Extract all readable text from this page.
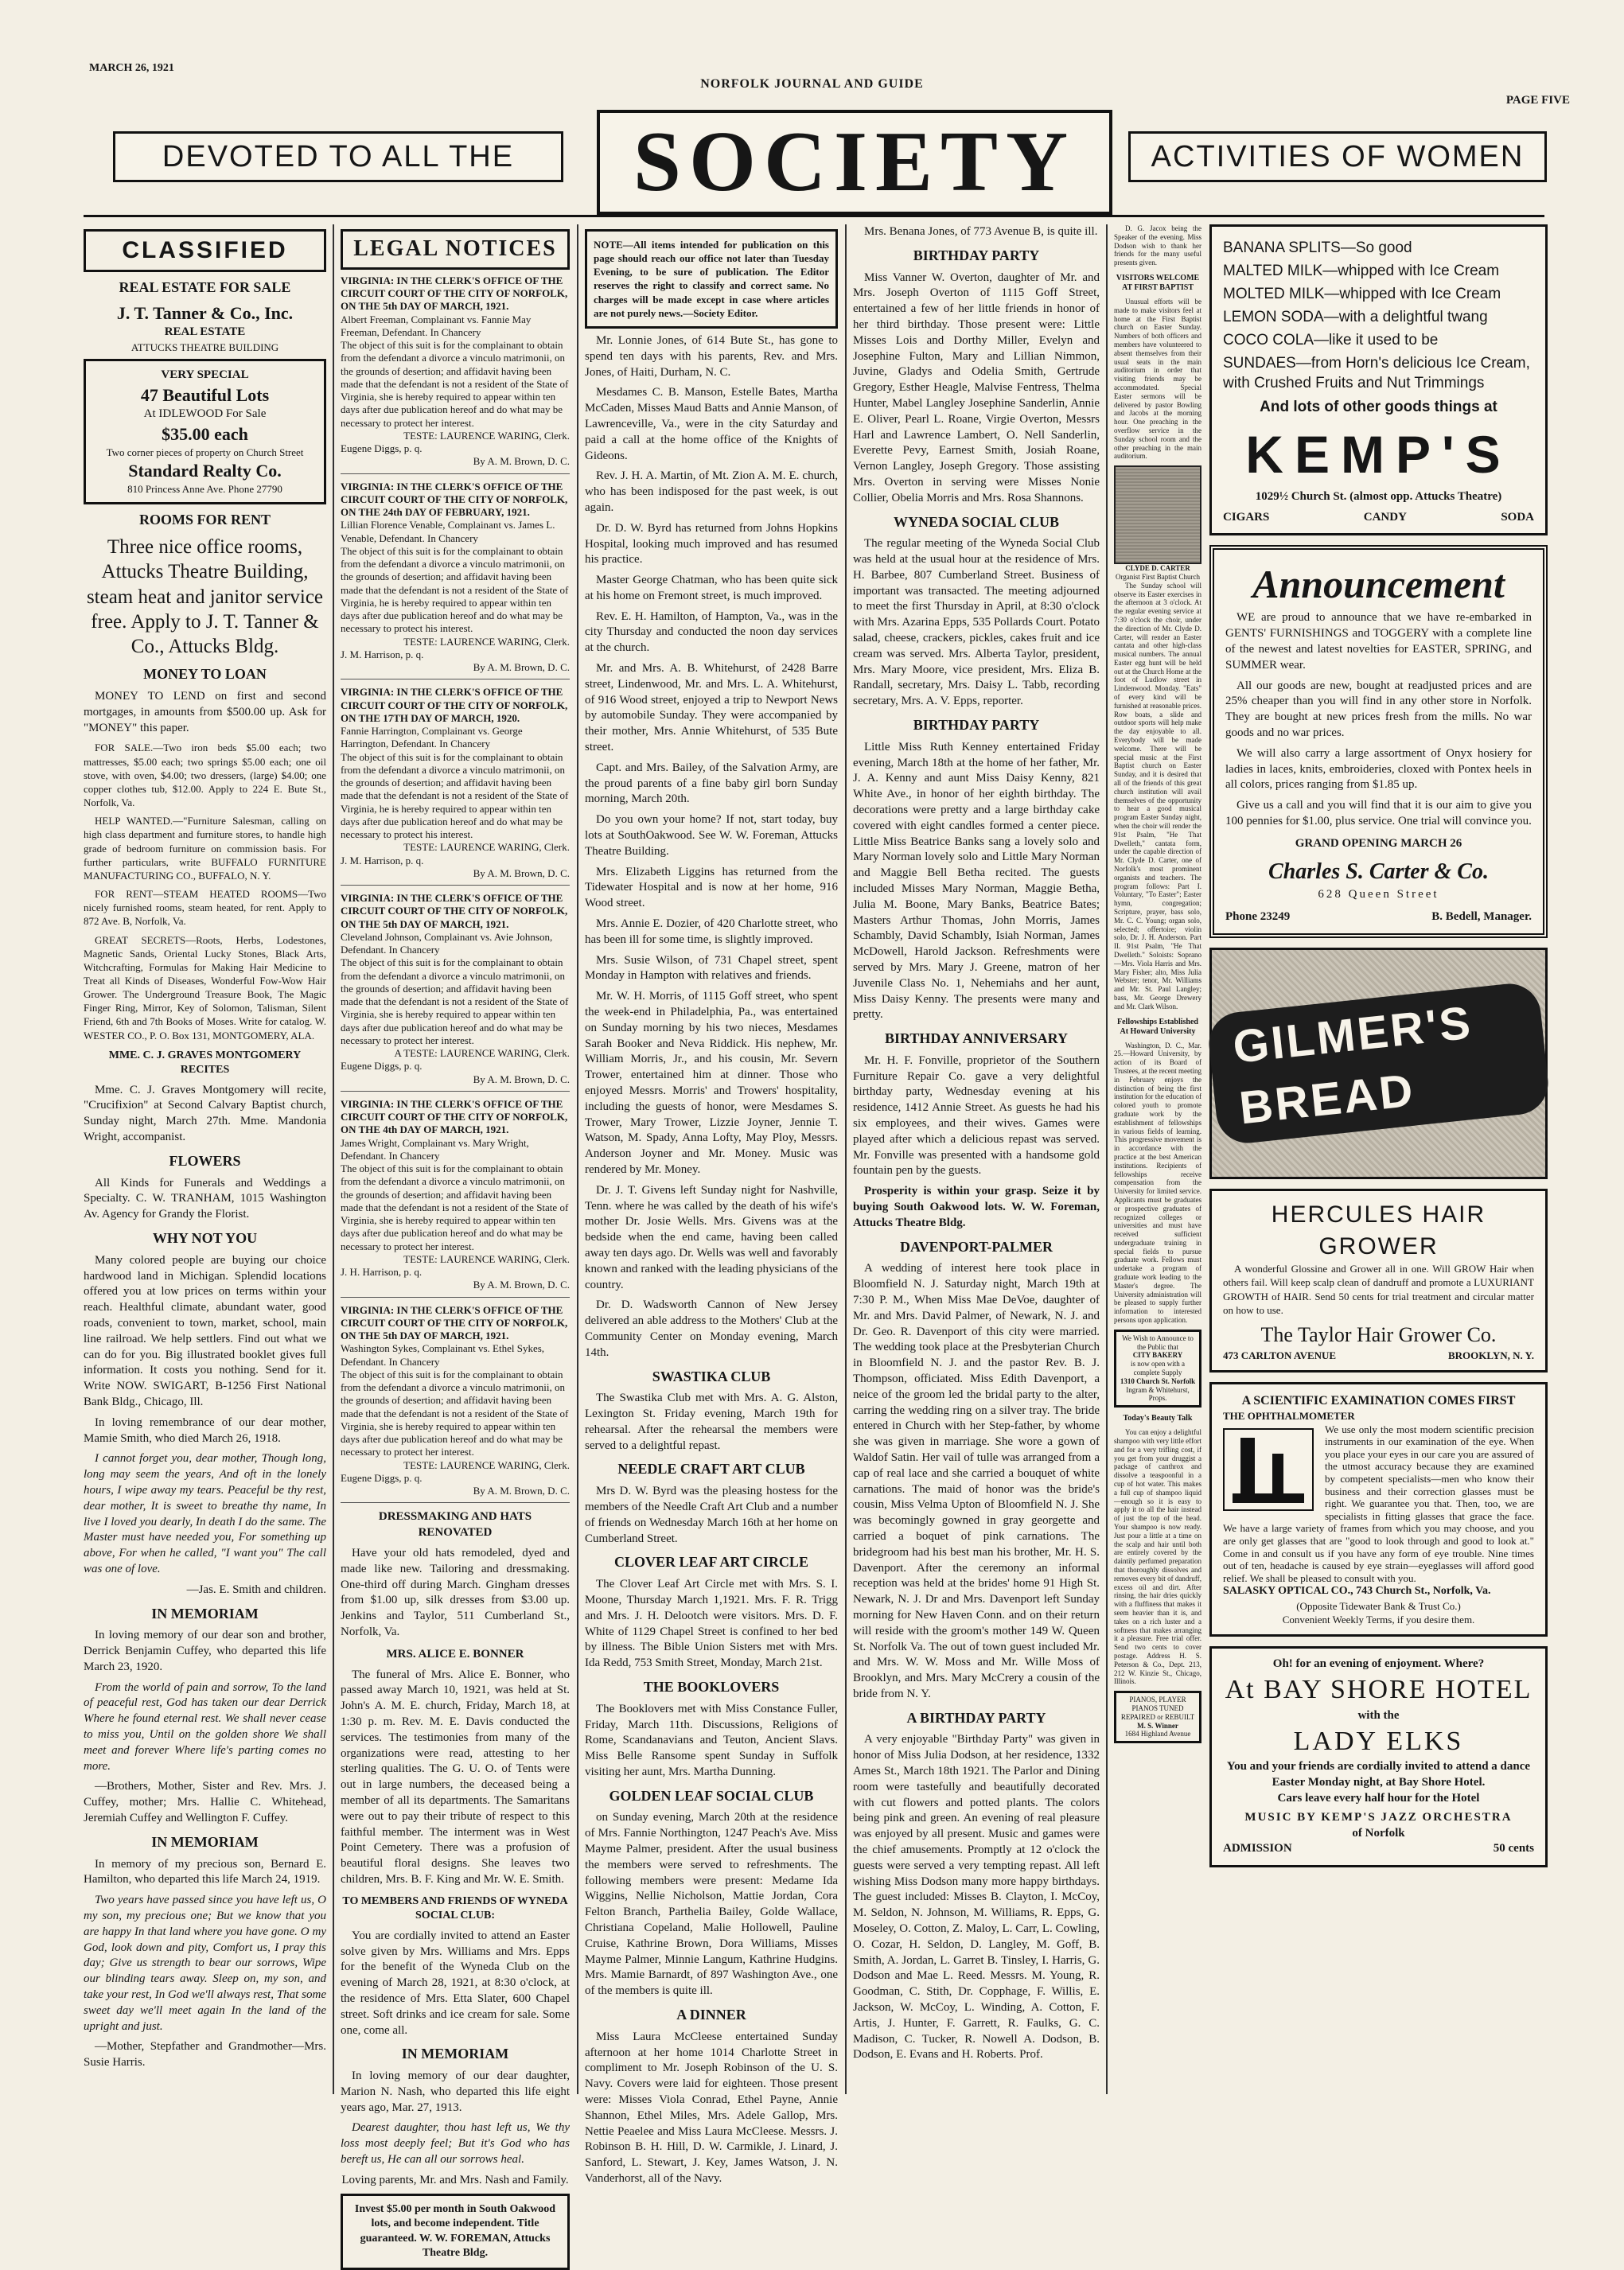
MARCH 26, 1921
NORFOLK JOURNAL AND GUIDE
PAGE FIVE
DEVOTED TO ALL THE SOCIETY ACTIVITIES OF WOMEN
CLASSIFIED
REAL ESTATE FOR SALE
J. T. Tanner & Co., Inc.
REAL ESTATE
ATTUCKS THEATRE BUILDING
VERY SPECIAL
47 Beautiful Lots
At IDLEWOOD For Sale
$35.00 each
Two corner pieces of property on Church Street
Standard Realty Co.
810 Princess Anne Ave. Phone 27790
ROOMS FOR RENT
Three nice office rooms, Attucks Theatre Building, steam heat and janitor service free. Apply to J. T. Tanner & Co., Attucks Bldg.
MONEY TO LOAN

MONEY TO LEND on first and second mortgages, in amounts from $500.00 up. Ask for "MONEY" this paper.

FOR SALE.—Two iron beds $5.00 each; two mattresses, $5.00 each; two springs $5.00 each; one oil stove, with oven, $4.00; two dressers, (large) $4.00; one copper clothes tub, $12.00. Apply to 224 E. Bute St., Norfolk, Va.

HELP WANTED.—"Furniture Salesman, calling on high class department and furniture stores, to handle high grade of bedroom furniture on commission basis. For further particulars, write BUFFALO FURNITURE MANUFACTURING CO., BUFFALO, N. Y.

FOR RENT—STEAM HEATED ROOMS—Two nicely furnished rooms, steam heated, for rent. Apply to 872 Ave. B, Norfolk, Va.

GREAT SECRETS—Roots, Herbs, Lodestones, Magnetic Sands, Oriental Lucky Stones, Black Arts, Witchcrafting, Formulas for Making Hair Medicine to Treat all Kinds of Diseases, Wonderful Fow-Wow Hair Grower. The Underground Treasure Book, The Magic Finger Ring, Mirror, Key of Solomon, Talisman, Silent Friend, 6th and 7th Books of Moses. Write for catalog. W. WESTER CO., P. O. Box 131, MONTGOMERY, ALA.

MME. C. J. GRAVES MONTGOMERY RECITES

Mme. C. J. Graves Montgomery will recite, "Crucifixion" at Second Calvary Baptist church, Sunday night, March 27th. Mme. Mandonia Wright, accompanist.

FLOWERS

All Kinds for Funerals and Weddings a Specialty. C. W. TRANHAM, 1015 Washington Av. Agency for Grandy the Florist.

WHY NOT YOU

Many colored people are buying our choice hardwood land in Michigan. Splendid locations offered you at low prices on terms within your reach. Healthful climate, abundant water, good roads, convenient to town, market, school, main line railroad. We help settlers. Find out what we can do for you. Big illustrated booklet gives full information. It costs you nothing. Send for it. Write NOW. SWIGART, B-1256 First National Bank Bldg., Chicago, Ill.

In loving remembrance of our dear mother, Mamie Smith, who died March 26, 1918.

I cannot forget you, dear mother, Though long, long may seem the years, And oft in the lonely hours, I wipe away my tears. Peaceful be thy rest, dear mother, It is sweet to breathe thy name, In live I loved you dearly, In death I do the same. The Master must have needed you, For something up above, For when he called, "I want you" The call was one of love.

—Jas. E. Smith and children.
IN MEMORIAM

In loving memory of our dear son and brother, Derrick Benjamin Cuffey, who departed this life March 23, 1920.

From the world of pain and sorrow, To the land of peaceful rest, God has taken our dear Derrick Where he found eternal rest. We shall never cease to miss you, Until on the golden shore We shall meet and forever Where life's parting comes no more.

—Brothers, Mother, Sister and Rev. Mrs. J. Cuffey, mother; Mrs. Hallie C. Whitehead, Jeremiah Cuffey and Wellington F. Cuffey.

IN MEMORIAM

In memory of my precious son, Bernard E. Hamilton, who departed this life March 24, 1919.

Two years have passed since you have left us, O my son, my precious one; But we know that you are happy In that land where you have gone. O my God, look down and pity, Comfort us, I pray this day; Give us strength to bear our sorrows, Wipe our blinding tears away. Sleep on, my son, and take your rest, In God we'll always rest, That some sweet day we'll meet again In the land of the upright and just.

—Mother, Stepfather and Grandmother—Mrs. Susie Harris.

LEGAL NOTICES
VIRGINIA: IN THE CLERK'S OFFICE OF THE CIRCUIT COURT OF THE CITY OF NORFOLK, ON THE 5th DAY OF MARCH, 1921.
Albert Freeman, Complainant vs. Fannie May Freeman, Defendant. In Chancery
The object of this suit is for the complainant to obtain from the defendant a divorce a vinculo matrimonii, on the grounds of desertion; and affidavit having been made that the defendant is not a resident of the State of Virginia, she is hereby required to appear within ten days after due publication hereof and do what may be necessary to protect her interest.
TESTE: LAURENCE WARING, Clerk.
Eugene Diggs, p. q.
By A. M. Brown, D. C.
VIRGINIA: IN THE CLERK'S OFFICE OF THE CIRCUIT COURT OF THE CITY OF NORFOLK, ON THE 24th DAY OF FEBRUARY, 1921.
Lillian Florence Venable, Complainant vs. James L. Venable, Defendant. In Chancery
The object of this suit is for the complainant to obtain from the defendant a divorce a vinculo matrimonii, on the grounds of desertion; and affidavit having been made that the defendant is not a resident of the State of Virginia, he is hereby required to appear within ten days after due publication hereof and do what may be necessary to protect his interest.
TESTE: LAURENCE WARING, Clerk.
J. M. Harrison, p. q.
By A. M. Brown, D. C.
VIRGINIA: IN THE CLERK'S OFFICE OF THE CIRCUIT COURT OF THE CITY OF NORFOLK, ON THE 17TH DAY OF MARCH, 1920.
Fannie Harrington, Complainant vs. George Harrington, Defendant. In Chancery
The object of this suit is for the complainant to obtain from the defendant a divorce a vinculo matrimonii, on the grounds of desertion; and affidavit having been made that the defendant is not a resident of the State of Virginia, he is hereby required to appear within ten days after due publication hereof and do what may be necessary to protect his interest.
TESTE: LAURENCE WARING, Clerk.
J. M. Harrison, p. q.
By A. M. Brown, D. C.
VIRGINIA: IN THE CLERK'S OFFICE OF THE CIRCUIT COURT OF THE CITY OF NORFOLK, ON THE 5th DAY OF MARCH, 1921.
Cleveland Johnson, Complainant vs. Avie Johnson, Defendant. In Chancery
The object of this suit is for the complainant to obtain from the defendant a divorce a vinculo matrimonii, on the grounds of desertion; and affidavit having been made that the defendant is not a resident of the State of Virginia, she is hereby required to appear within ten days after due publication hereof and do what may be necessary to protect her interest.
A TESTE: LAURENCE WARING, Clerk.
Eugene Diggs, p. q.
By A. M. Brown, D. C.
VIRGINIA: IN THE CLERK'S OFFICE OF THE CIRCUIT COURT OF THE CITY OF NORFOLK, ON THE 4th DAY OF MARCH, 1921.
James Wright, Complainant vs. Mary Wright, Defendant. In Chancery
The object of this suit is for the complainant to obtain from the defendant a divorce a vinculo matrimonii, on the grounds of desertion; and affidavit having been made that the defendant is not a resident of the State of Virginia, she is hereby required to appear within ten days after due publication hereof and do what may be necessary to protect her interest.
TESTE: LAURENCE WARING, Clerk.
J. H. Harrison, p. q.
By A. M. Brown, D. C.
VIRGINIA: IN THE CLERK'S OFFICE OF THE CIRCUIT COURT OF THE CITY OF NORFOLK, ON THE 5th DAY OF MARCH, 1921.
Washington Sykes, Complainant vs. Ethel Sykes, Defendant. In Chancery
The object of this suit is for the complainant to obtain from the defendant a divorce a vinculo matrimonii, on the grounds of desertion; and affidavit having been made that the defendant is not a resident of the State of Virginia, she is hereby required to appear within ten days after due publication hereof and do what may be necessary to protect her interest.
TESTE: LAURENCE WARING, Clerk.
Eugene Diggs, p. q.
By A. M. Brown, D. C.
DRESSMAKING AND HATS RENOVATED

Have your old hats remodeled, dyed and made like new. Tailoring and dressmaking. One-third off during March. Gingham dresses from $1.00 up, silk dresses from $3.00 up. Jenkins and Taylor, 511 Cumberland St., Norfolk, Va.

MRS. ALICE E. BONNER

The funeral of Mrs. Alice E. Bonner, who passed away March 10, 1921, was held at St. John's A. M. E. church, Friday, March 18, at 1:30 p. m. Rev. M. E. Davis conducted the services. The testimonies from many of the organizations were read, attesting to her sterling qualities. The G. U. O. of Tents were out in large numbers, the deceased being a member of all its departments. The Samaritans were out to pay their tribute of respect to this faithful member. The interment was in West Point Cemetery. There was a profusion of beautiful floral designs. She leaves two children, Mrs. B. F. King and Mr. W. E. Smith.

TO MEMBERS AND FRIENDS OF WYNEDA SOCIAL CLUB:

You are cordially invited to attend an Easter solve given by Mrs. Williams and Mrs. Epps for the benefit of the Wyneda Club on the evening of March 28, 1921, at 8:30 o'clock, at the residence of Mrs. Etta Slater, 600 Chapel street. Soft drinks and ice cream for sale. Some one, come all.

IN MEMORIAM

In loving memory of our dear daughter, Marion N. Nash, who departed this life eight years ago, Mar. 27, 1913.

Dearest daughter, thou hast left us, We thy loss most deeply feel; But it's God who has bereft us, He can all our sorrows heal.

Loving parents, Mr. and Mrs. Nash and Family.
Invest $5.00 per month in South Oakwood lots, and become independent. Title guaranteed. W. W. FOREMAN, Attucks Theatre Bldg.
NOTE—All items intended for publication on this page should reach our office not later than Tuesday Evening, to be sure of publication. The Editor reserves the right to classify and correct same. No charges will be made except in case where articles are not purely news.—Society Editor.

Mr. Lonnie Jones, of 614 Bute St., has gone to spend ten days with his parents, Rev. and Mrs. Jones, of Haiti, Durham, N. C.

Mesdames C. B. Manson, Estelle Bates, Martha McCaden, Misses Maud Batts and Annie Manson, of Lawrenceville, Va., were in the city Saturday and paid a call at the home office of the Knights of Gideons.

Rev. J. H. A. Martin, of Mt. Zion A. M. E. church, who has been indisposed for the past week, is out again.

Dr. D. W. Byrd has returned from Johns Hopkins Hospital, looking much improved and has resumed his practice.

Master George Chatman, who has been quite sick at his home on Fremont street, is much improved.

Rev. E. H. Hamilton, of Hampton, Va., was in the city Thursday and conducted the noon day services at the church.

Mr. and Mrs. A. B. Whitehurst, of 2428 Barre street, Lindenwood, Mr. and Mrs. L. A. Whitehurst, of 916 Wood street, enjoyed a trip to Newport News by automobile Sunday. They were accompanied by their mother, Mrs. Annie Whitehurst, of 535 Bute street.

Capt. and Mrs. Bailey, of the Salvation Army, are the proud parents of a fine baby girl born Sunday morning, March 20th.

Do you own your home? If not, start today, buy lots at SouthOakwood. See W. W. Foreman, Attucks Theatre Building.

Mrs. Elizabeth Liggins has returned from the Tidewater Hospital and is now at her home, 916 Wood street.

Mrs. Annie E. Dozier, of 420 Charlotte street, who has been ill for some time, is slightly improved.

Mrs. Susie Wilson, of 731 Chapel street, spent Monday in Hampton with relatives and friends.

Mr. W. H. Morris, of 1115 Goff street, who spent the week-end in Philadelphia, Pa., was entertained on Sunday morning by his two nieces, Mesdames Sarah Booker and Neva Riddick. His nephew, Mr. William Morris, Jr., and his cousin, Mr. Severn Trower, entertained him at dinner. Those who enjoyed Messrs. Morris' and Trowers' hospitality, including the guests of honor, were Mesdames S. Trower, Mary Trower, Lizzie Joyner, Jennie T. Watson, M. Spady, Anna Lofty, May Ploy, Messrs. Anderson Joyner and Mr. Money. Music was rendered by Mr. Money.

Dr. J. T. Givens left Sunday night for Nashville, Tenn. where he was called by the death of his wife's mother Dr. Josie Wells. Mrs. Givens was at the bedside when the end came, having been called away ten days ago. Dr. Wells was well and favorably known and ranked with the leading physicians of the country.

Dr. D. Wadsworth Cannon of New Jersey delivered an able address to the Mothers' Club at the Community Center on Monday evening, March 14th.

SWASTIKA CLUB

The Swastika Club met with Mrs. A. G. Alston, Lexington St. Friday evening, March 19th for rehearsal. After the rehearsal the members were served to a delightful repast.

NEEDLE CRAFT ART CLUB

Mrs D. W. Byrd was the pleasing hostess for the members of the Needle Craft Art Club and a number of friends on Wednesday March 16th at her home on Cumberland Street.

CLOVER LEAF ART CIRCLE

The Clover Leaf Art Circle met with Mrs. S. I. Moone, Thursday March 1,1921. Mrs. F. R. Trigg and Mrs. J. H. Delootch were visitors. Mrs. D. F. White of 1129 Chapel Street is confined to her bed by illness. The Bible Union Sisters met with Mrs. Ida Redd, 753 Smith Street, Monday, March 21st.

THE BOOKLOVERS

The Booklovers met with Miss Constance Fuller, Friday, March 11th. Discussions, Religions of Rome, Scandanavians and Teuton, Ancient Slavs. Miss Belle Ransome spent Sunday in Suffolk visiting her aunt, Mrs. Martha Dunning.

GOLDEN LEAF SOCIAL CLUB

on Sunday evening, March 20th at the residence of Mrs. Fannie Northington, 1247 Peach's Ave. Miss Mayme Palmer, president. After the usual business the members were served to refreshments. The following members were present: Medame Ida Wiggins, Nellie Nicholson, Mattie Jordan, Cora Felton Branch, Parthelia Bailey, Golde Wallace, Christiana Copeland, Malie Hollowell, Pauline Cruise, Kathrine Brown, Dora Williams, Misses Mayme Palmer, Minnie Langum, Kathrine Hudgins. Mrs. Mamie Barnardt, of 897 Washington Ave., one of the members is quite ill.

A DINNER

Miss Laura McCleese entertained Sunday afternoon at her home 1014 Charlotte Street in compliment to Mr. Joseph Robinson of the U. S. Navy. Covers were laid for eighteen. Those present were: Misses Viola Conrad, Ethel Payne, Annie Shannon, Ethel Miles, Mrs. Adele Gallop, Mrs. Nettie Peaelee and Miss Laura McCleese. Messrs. J. Robinson B. H. Hill, D. W. Carmikle, J. Linard, J. Sanford, L. Stewart, J. Key, James Watson, J. N. Vanderhorst, all of the Navy.

Mrs. Benana Jones, of 773 Avenue B, is quite ill.

BIRTHDAY PARTY

Miss Vanner W. Overton, daughter of Mr. and Mrs. Joseph Overton of 1115 Goff Street, entertained a few of her little friends in honor of her third birthday. Those present were: Little Misses Lois and Dorthy Miller, Evelyn and Josephine Fulton, Mary and Lillian Nimmon, Juvine, Gladys and Odelia Smith, Gertrude Gregory, Esther Heagle, Malvise Fentress, Thelma Hunter, Mabel Langley Josephine Sanderlin, Annie E. Oliver, Pearl L. Roane, Virgie Overton, Messrs Harl and Lawrence Lambert, O. Nell Sanderlin, Everette Pevy, Earnest Smith, Josiah Roane, Vernon Langley, Joseph Gregory. Those assisting Mrs. Overton in serving were Misses Nonie Collier, Obelia Morris and Mrs. Rosa Shannons.

WYNEDA SOCIAL CLUB

The regular meeting of the Wyneda Social Club was held at the usual hour at the residence of Mrs. H. Barbee, 807 Cumberland Street. Business of important was transacted. The meeting adjourned to meet the first Thursday in April, at 8:30 o'clock with Mrs. Azarina Epps, 535 Pollards Court. Potato salad, cheese, crackers, pickles, cakes fruit and ice cream was served. Mrs. Alberta Taylor, president, Mrs. Mary Moore, vice president, Mrs. Eliza B. Randall, secretary, Mrs. Daisy L. Tabb, recording secretary, Mrs. A. V. Epps, reporter.

BIRTHDAY PARTY

Little Miss Ruth Kenney entertained Friday evening, March 18th at the home of her father, Mr. J. A. Kenny and aunt Miss Daisy Kenny, 821 White Ave., in honor of her eighth birthday. The decorations were pretty and a large birthday cake covered with eight candles formed a center piece. Little Miss Beatrice Banks sang a lovely solo and Mary Norman lovely solo and Little Mary Norman and Maggie Bell Betha recited. The guests included Misses Mary Norman, Maggie Betha, Julia M. Boone, Mary Banks, Beatrice Bates; Masters Arthur Thomas, John Morris, James Schambly, David Schambly, Isiah Norman, James McDowell, Harold Jackson. Refreshments were served by Mrs. Mary J. Greene, matron of her Juvenile Class No. 1, Nehemiahs and her aunt, Miss Daisy Kenny. The presents were many and pretty.

BIRTHDAY ANNIVERSARY

Mr. H. F. Fonville, proprietor of the Southern Furniture Repair Co. gave a very delightful birthday party, Wednesday evening at his residence, 1412 Annie Street. As guests he had his six employees, and their wives. Games were played after which a delicious repast was served. Mr. Fonville was presented with a handsome gold fountain pen by the guests.

Prosperity is within your grasp. Seize it by buying South Oakwood lots. W. W. Foreman, Attucks Theatre Bldg.

DAVENPORT-PALMER

A wedding of interest here took place in Bloomfield N. J. Saturday night, March 19th at 7:30 P. M., When Miss Mae DeVoe, daughter of Mr. and Mrs. David Palmer, of Newark, N. J. and Dr. Geo. R. Davenport of this city were married. The wedding took place at the Presbyterian Church in Bloomfield N. J. and the pastor Rev. B. J. Thompson, officiated. Miss Edith Davenport, a neice of the groom led the bridal party to the alter, carring the wedding ring on a silver tray. The bride entered in Church with her Step-father, by whome she was given in marriage. She wore a gown of Waldof Satin. Her vail of tulle was arranged from a cap of real lace and she carried a bouquet of white carnations. The maid of honor was the bride's cousin, Miss Velma Upton of Bloomfield N. J. She was becomingly gowned in gray georgette and carried a boquet of pink carnations. The bridegroom had his best man his brother, Mr. H. S. Davenport. After the ceremony an informal reception was held at the brides' home 91 High St. Newark, N. J. Dr and Mrs. Davenport left Sunday morning for New Haven Conn. and on their return will reside with the groom's mother 149 W. Queen St. Norfolk Va. The out of town guest included Mr. and Mrs. W. W. Moss and Mr. Wille Moss of Brooklyn, and Mrs. Mary McCrery a cousin of the bride from N. Y.

A BIRTHDAY PARTY

A very enjoyable "Birthday Party" was given in honor of Miss Julia Dodson, at her residence, 1332 Ames St., March 18th 1921. The Parlor and Dining room were tastefully and beautifully decorated with cut flowers and potted plants. The colors being pink and green. An evening of real pleasure was enjoyed by all present. Music and games were the chief amusements. Promptly at 12 o'clock the guests were served a very tempting repast. All left wishing Miss Dodson many more happy birthdays. The guest included: Misses B. Clayton, I. McCoy, M. Seldon, N. Johnson, M. Williams, R. Epps, G. Moseley, O. Cotton, Z. Maloy, L. Carr, L. Cowling, O. Cozar, H. Seldon, D. Langley, M. Goff, B. Smith, A. Jordan, L. Garret B. Tinsley, I. Harris, G. Dodson and Mae L. Reed. Messrs. M. Young, R. Goodman, C. Stith, Dr. Copphage, F. Willis, E. Jackson, W. McCoy, L. Winding, A. Cotton, F. Artis, J. Hunter, F. Garrett, R. Faulks, G. C. Madison, C. Tucker, R. Nowell A. Dodson, B. Dodson, E. Evans and H. Roberts. Prof.

BANANA SPLITS—So good
MALTED MILK—whipped with Ice Cream
MOLTED MILK—whipped with Ice Cream
LEMON SODA—with a delightful twang
COCO COLA—like it used to be
SUNDAES—from Horn's delicious Ice Cream, with Crushed Fruits and Nut Trimmings
And lots of other goods things at
KEMP'S
1029½ Church St. (almost opp. Attucks Theatre)
CIGARS	CANDY	SODA
Announcement

WE are proud to announce that we have re-embarked in GENTS' FURNISHINGS and TOGGERY with a complete line of the newest and latest novelties for EASTER, SPRING, and SUMMER wear.

All our goods are new, bought at readjusted prices and are 25% cheaper than you will find in any other store in Norfolk. They are bought at new prices fresh from the mills. No war goods and no war prices.

We will also carry a large assortment of Onyx hosiery for ladies in laces, knits, embroideries, cloxed with Pontex heels in all colors, prices ranging from $1.85 up.

Give us a call and you will find that it is our aim to give you 100 pennies for $1.00, plus service. One trial will convince you.

GRAND OPENING MARCH 26
Charles S. Carter & Co.
628 Queen Street
Phone 23249	B. Bedell, Manager.
GILMER'S BREAD
HERCULES HAIR GROWER

A wonderful Glossine and Grower all in one. Will GROW Hair when others fail. Will keep scalp clean of dandruff and promote a LUXURIANT GROWTH of HAIR. Send 50 cents for trial treatment and circular matter on how to use.

The Taylor Hair Grower Co.
473 CARLTON AVENUE	BROOKLYN, N. Y.
A SCIENTIFIC EXAMINATION COMES FIRST
THE OPHTHALMOMETER
We use only the most modern scientific precision instruments in our examination of the eye. When you place your eyes in our care you are assured of the utmost accuracy because they are examined by competent specialists—men who know their business and their correction glasses must be right. We guarantee you that. Then, too, we are specialists in fitting glasses that grace the face. We have a large variety of frames from which you may choose, and you are only get glasses that are "good to look through and good to look at." Come in and consult us if you have any form of eye trouble. Nine times out of ten, headache is caused by eye strain—eyeglasses will afford good relief. We shall be pleased to consult with you.
SALASKY OPTICAL CO., 743 Church St., Norfolk, Va.
(Opposite Tidewater Bank & Trust Co.)
Convenient Weekly Terms, if you desire them.
Oh! for an evening of enjoyment. Where?
At BAY SHORE HOTEL
with the
LADY ELKS
You and your friends are cordially invited to attend a dance Easter Monday night, at Bay Shore Hotel.
Cars leave every half hour for the Hotel
MUSIC BY KEMP'S JAZZ ORCHESTRA
of Norfolk
ADMISSION	50 cents

D. G. Jacox being the Speaker of the evening. Miss Dodson wish to thank her friends for the many useful presents given.

VISITORS WELCOME AT FIRST BAPTIST

Unusual efforts will be made to make visitors feel at home at the First Baptist church on Easter Sunday. Numbers of both officers and members have volunteered to absent themselves from their usual seats in the main auditorium in order that visiting friends may be accommodated. Special Easter sermons will be delivered by pastor Bowling and Jacobs at the morning hour. One preaching in the overflow service in the Sunday school room and the other preaching in the main auditorium.

CLYDE D. CARTER
Organist First Baptist Church

The Sunday school will observe its Easter exercises in the afternoon at 3 o'clock. At the regular evening service at 7:30 o'clock the choir, under the direction of Mr. Clyde D. Carter, will render an Easter cantata and other high-class musical numbers. The annual Easter egg hunt will be held out at the Church Home at the foot of Ludlow street in Lindenwood. Monday. "Eats" of every kind will be furnished at reasonable prices. Row boats, a slide and outdoor sports will help make the day enjoyable to all. Everybody will be made welcome. There will be special music at the First Baptist church on Easter Sunday, and it is desired that all of the friends of this great church institution will avail themselves of the opportunity to hear a good musical program Easter Sunday night, when the choir will render the 91st Psalm, "He That Dwelleth," cantata form, under the capable direction of Mr. Clyde D. Carter, one of Norfolk's most prominent organists and teachers. The program follows: Part I. Voluntary, "To Easter"; Easter hymn, congregation; Scripture, prayer, bass solo, Mr. C. C. Young; organ solo, selected; offertoire; violin solo, Dr. J. H. Anderson. Part II. 91st Psalm, "He That Dwelleth." Soloists: Soprano—Mrs. Viola Harris and Mrs. Mary Fisher; alto, Miss Julia Webster; tenor, Mr. Williams and Mr. St. Paul Langley; bass, Mr. George Drewery and Mr. Clark Wilson.

Fellowships Established At Howard University

Washington, D. C., Mar. 25.—Howard University, by action of its Board of Trustees, at the recent meeting in February enjoys the distinction of being the first institution for the education of colored youth to promote graduate work by the establishment of fellowships in various fields of learning. This progressive movement is in accordance with the practice at the best American institutions. Recipients of fellowships receive compensation from the University for limited service. Applicants must be graduates or prospective graduates of recognized colleges or universities and must have received sufficient undergraduate training in special fields to pursue graduate work. Fellows must undertake a program of graduate work leading to the Master's degree. The University administration will be pleased to supply further information to interested persons upon application.

We Wish to Announce to the Public that
CITY BAKERY
is now open with a complete Supply
1310 Church St. Norfolk
Ingram & Whitehurst, Props.
Today's Beauty Talk

You can enjoy a delightful shampoo with very little effort and for a very trifling cost, if you get from your druggist a package of canthrox and dissolve a teaspoonful in a cup of hot water. This makes a full cup of shampoo liquid—enough so it is easy to apply it to all the hair instead of just the top of the head. Your shampoo is now ready. Just pour a little at a time on the scalp and hair until both are entirely covered by the daintily perfumed preparation that thoroughly dissolves and removes every bit of dandruff, excess oil and dirt. After rinsing, the hair dries quickly with a fluffiness that makes it seem heavier than it is, and takes on a rich luster and a softness that makes arranging it a pleasure. Free trial offer. Send two cents to cover postage. Address H. S. Peterson & Co., Dept. 213, 212 W. Kinzie St., Chicago, Illinois.

PIANOS, PLAYER PIANOS TUNED
REPAIRED or REBUILT
M. S. Winner
1684 Highland Avenue
